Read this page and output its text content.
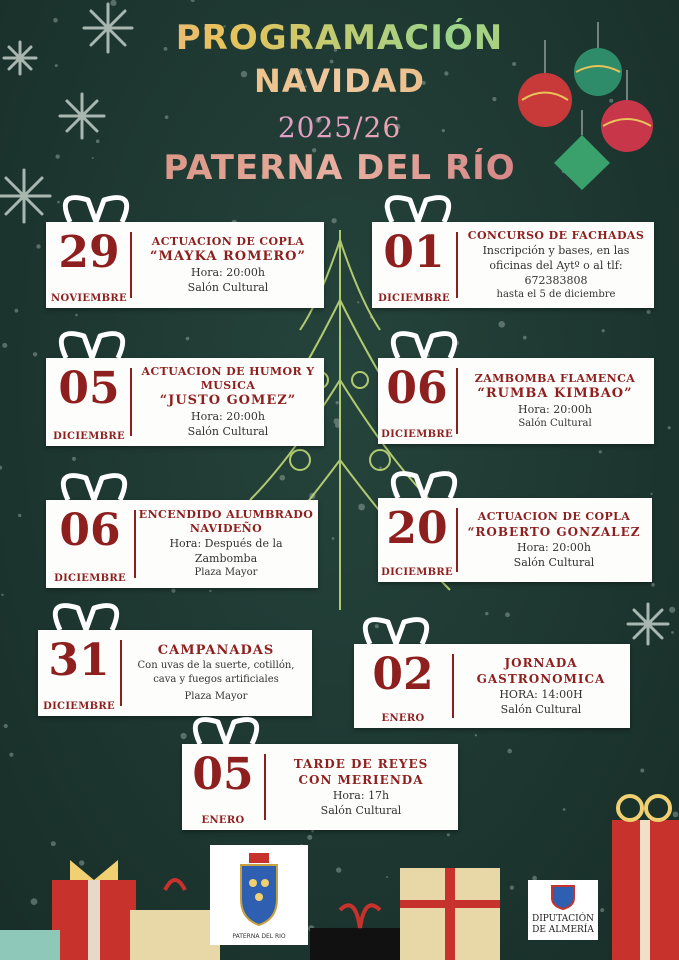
PROGRAMACIÓN
NAVIDAD
2025/26
PATERNA DEL RÍO
29
NOVIEMBRE
ACTUACION DE COPLA
“MAYKA ROMERO”
Hora: 20:00h
Salón Cultural
01
DICIEMBRE
CONCURSO DE FACHADAS
Inscripción y bases, en las
oficinas del Aytº o al tlf:
672383808
hasta el 5 de diciembre
05
DICIEMBRE
ACTUACION DE HUMOR Y
MUSICA
“JUSTO GOMEZ”
Hora: 20:00h
Salón Cultural
06
DICIEMBRE
ZAMBOMBA FLAMENCA
“RUMBA KIMBAO”
Hora: 20:00h
Salón Cultural
06
DICIEMBRE
ENCENDIDO ALUMBRADO
NAVIDEÑO
Hora: Después de la
Zambomba
Plaza Mayor
20
DICIEMBRE
ACTUACION DE COPLA
“ROBERTO GONZALEZ
Hora: 20:00h
Salón Cultural
31
DICIEMBRE
CAMPANADAS
Con uvas de la suerte, cotillón,
cava y fuegos artificiales
Plaza Mayor	02
ENERO
JORNADA
GASTRONOMICA
HORA: 14:00H
Salón Cultural
05
ENERO
TARDE DE REYES
CON MERIENDA
Hora: 17h
Salón Cultural
PATERNA DEL RIO
DIPUTACIÓN
DE ALMERÍA
